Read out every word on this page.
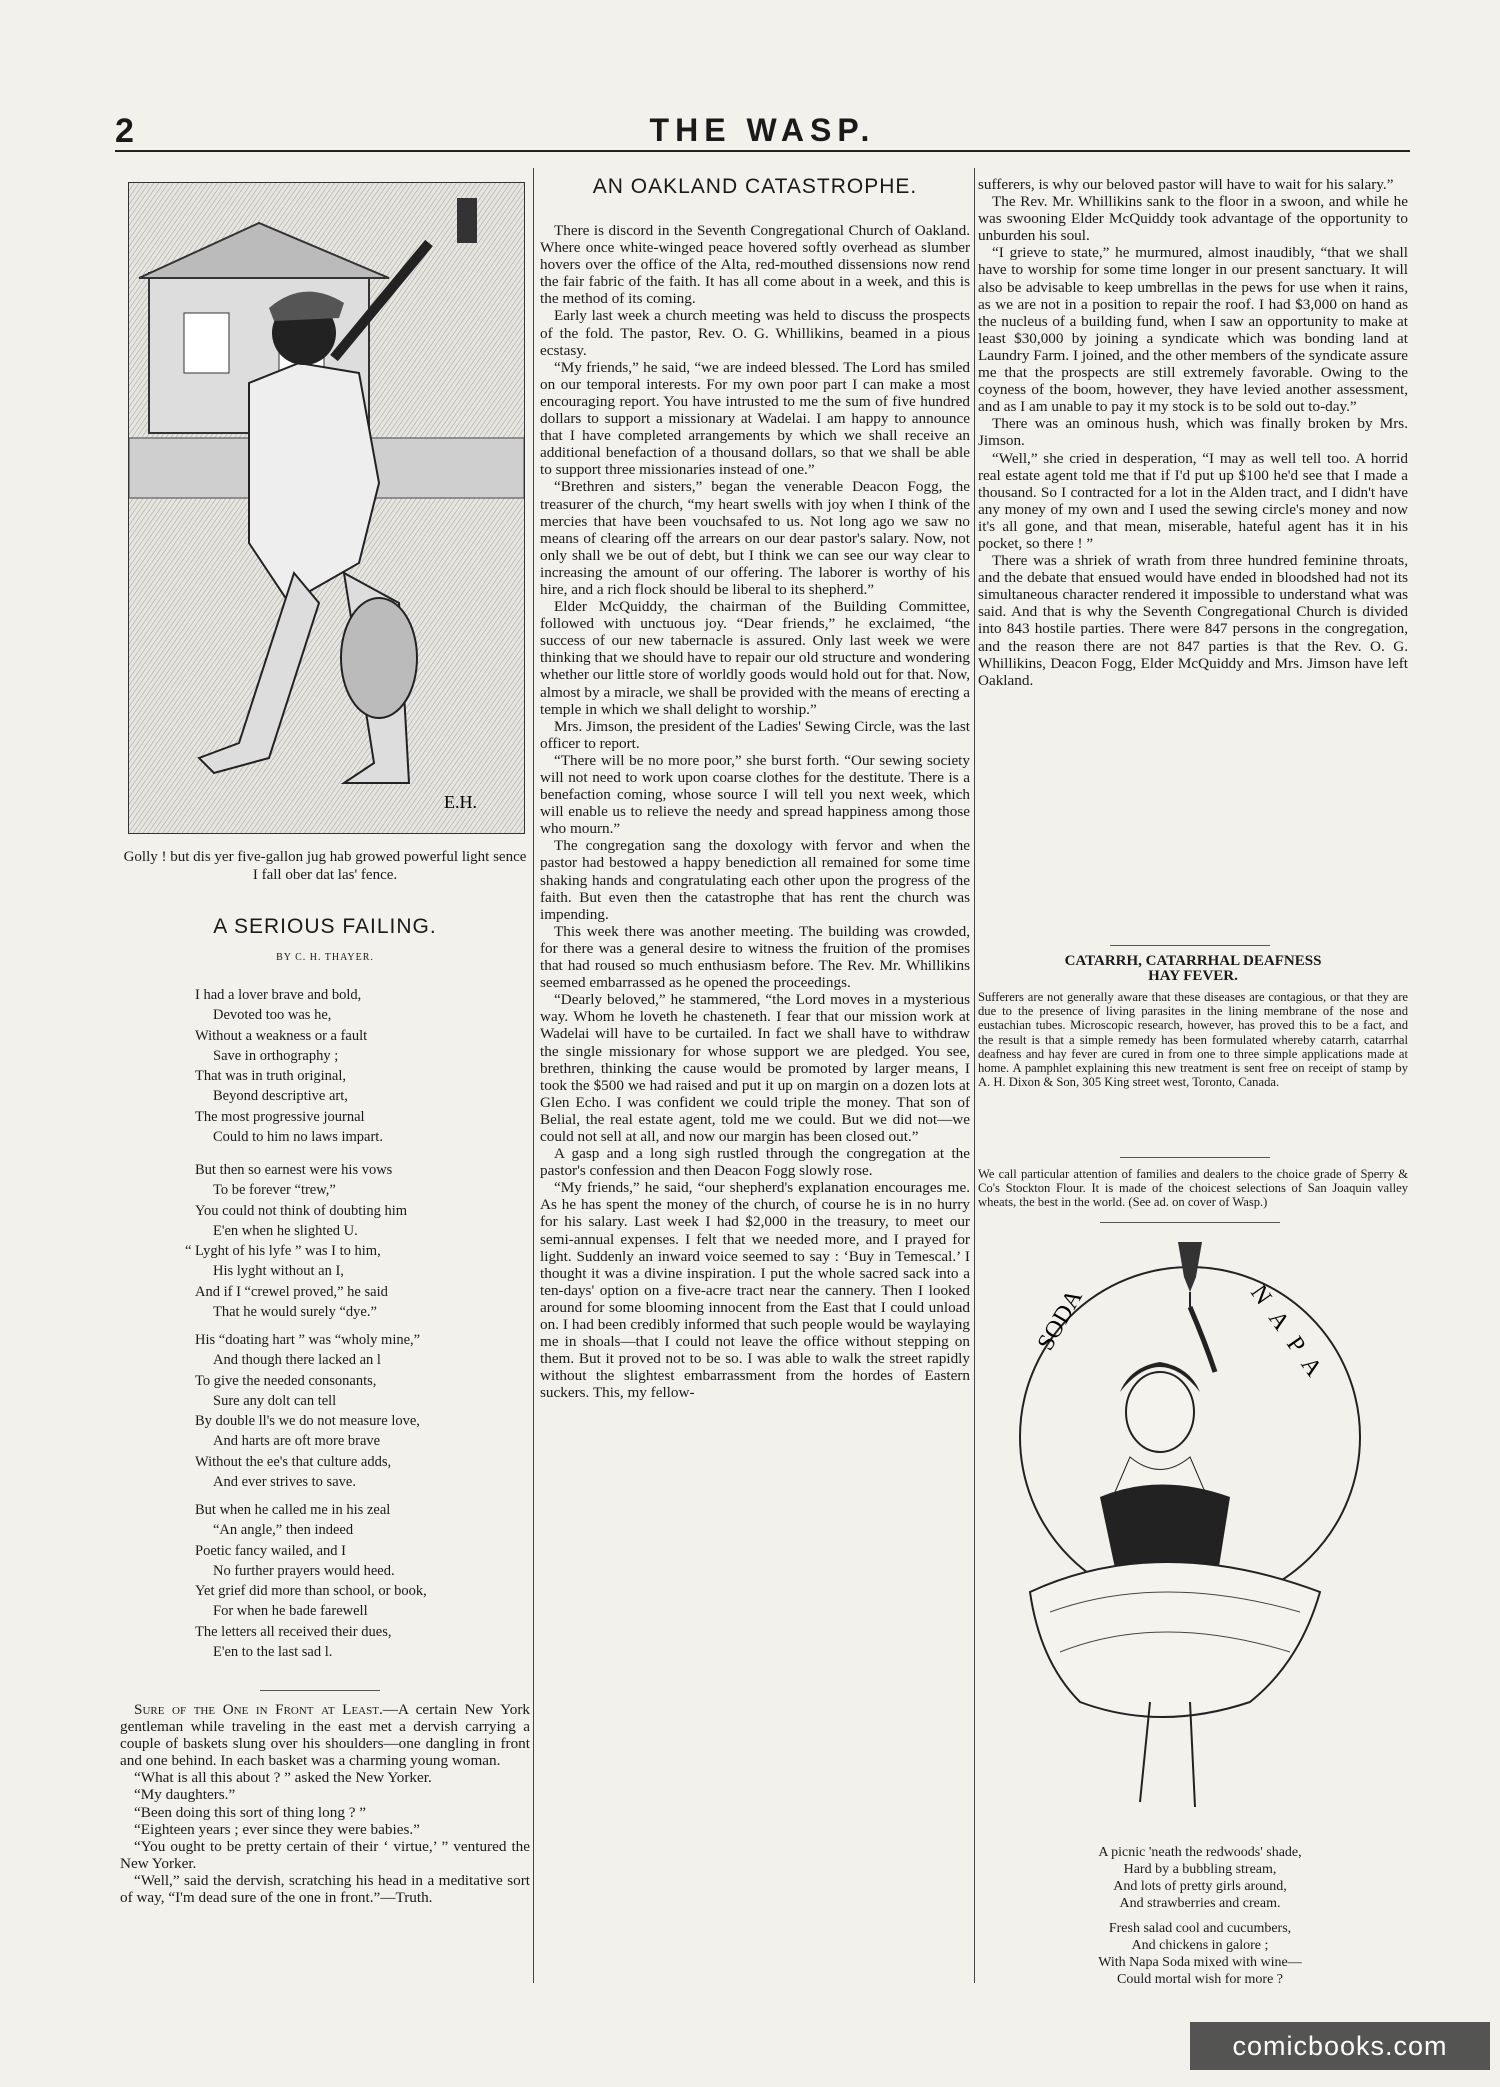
2	THE WASP.
E.H.

Golly ! but dis yer five-gallon jug hab growed powerful light sence I fall ober dat las' fence.

A SERIOUS FAILING.
BY C. H. THAYER.
I had a lover brave and bold,
Devoted too was he,
Without a weakness or a fault
Save in orthography ;
That was in truth original,
Beyond descriptive art,
The most progressive journal
Could to him no laws impart.
But then so earnest were his vows
To be forever “trew,”
You could not think of doubting him
E'en when he slighted U.
“ Lyght of his lyfe ” was I to him,
His lyght without an I,
And if I “crewel proved,” he said
That he would surely “dye.”
His “doating hart ” was “wholy mine,”
And though there lacked an l
To give the needed consonants,
Sure any dolt can tell
By double ll's we do not measure love,
And harts are oft more brave
Without the ee's that culture adds,
And ever strives to save.
But when he called me in his zeal
“An angle,” then indeed
Poetic fancy wailed, and I
No further prayers would heed.
Yet grief did more than school, or book,
For when he bade farewell
The letters all received their dues,
E'en to the last sad l.

Sure of the One in Front at Least.—A certain New York gentleman while traveling in the east met a dervish carrying a couple of baskets slung over his shoulders—one dangling in front and one behind. In each basket was a charming young woman.

“What is all this about ? ” asked the New Yorker.

“My daughters.”

“Been doing this sort of thing long ? ”

“Eighteen years ; ever since they were babies.”

“You ought to be pretty certain of their ‘ virtue,’ ” ventured the New Yorker.

“Well,” said the dervish, scratching his head in a meditative sort of way, “I'm dead sure of the one in front.”—Truth.

AN OAKLAND CATASTROPHE.

There is discord in the Seventh Congregational Church of Oakland. Where once white-winged peace hovered softly overhead as slumber hovers over the office of the Alta, red-mouthed dissensions now rend the fair fabric of the faith. It has all come about in a week, and this is the method of its coming.

Early last week a church meeting was held to discuss the prospects of the fold. The pastor, Rev. O. G. Whillikins, beamed in a pious ecstasy.

“My friends,” he said, “we are indeed blessed. The Lord has smiled on our temporal interests. For my own poor part I can make a most encouraging report. You have intrusted to me the sum of five hundred dollars to support a missionary at Wadelai. I am happy to announce that I have completed arrangements by which we shall receive an additional benefaction of a thousand dollars, so that we shall be able to support three missionaries instead of one.”

“Brethren and sisters,” began the venerable Deacon Fogg, the treasurer of the church, “my heart swells with joy when I think of the mercies that have been vouchsafed to us. Not long ago we saw no means of clearing off the arrears on our dear pastor's salary. Now, not only shall we be out of debt, but I think we can see our way clear to increasing the amount of our offering. The laborer is worthy of his hire, and a rich flock should be liberal to its shepherd.”

Elder McQuiddy, the chairman of the Building Committee, followed with unctuous joy. “Dear friends,” he exclaimed, “the success of our new tabernacle is assured. Only last week we were thinking that we should have to repair our old structure and wondering whether our little store of worldly goods would hold out for that. Now, almost by a miracle, we shall be provided with the means of erecting a temple in which we shall delight to worship.”

Mrs. Jimson, the president of the Ladies' Sewing Circle, was the last officer to report.

“There will be no more poor,” she burst forth. “Our sewing society will not need to work upon coarse clothes for the destitute. There is a benefaction coming, whose source I will tell you next week, which will enable us to relieve the needy and spread happiness among those who mourn.”

The congregation sang the doxology with fervor and when the pastor had bestowed a happy benediction all remained for some time shaking hands and congratulating each other upon the progress of the faith. But even then the catastrophe that has rent the church was impending.

This week there was another meeting. The building was crowded, for there was a general desire to witness the fruition of the promises that had roused so much enthusiasm before. The Rev. Mr. Whillikins seemed embarrassed as he opened the proceedings.

“Dearly beloved,” he stammered, “the Lord moves in a mysterious way. Whom he loveth he chasteneth. I fear that our mission work at Wadelai will have to be curtailed. In fact we shall have to withdraw the single missionary for whose support we are pledged. You see, brethren, thinking the cause would be promoted by larger means, I took the $500 we had raised and put it up on margin on a dozen lots at Glen Echo. I was confident we could triple the money. That son of Belial, the real estate agent, told me we could. But we did not—we could not sell at all, and now our margin has been closed out.”

A gasp and a long sigh rustled through the congregation at the pastor's confession and then Deacon Fogg slowly rose.

“My friends,” he said, “our shepherd's explanation encourages me. As he has spent the money of the church, of course he is in no hurry for his salary. Last week I had $2,000 in the treasury, to meet our semi-annual expenses. I felt that we needed more, and I prayed for light. Suddenly an inward voice seemed to say : ‘Buy in Temescal.’ I thought it was a divine inspiration. I put the whole sacred sack into a ten-days' option on a five-acre tract near the cannery. Then I looked around for some blooming innocent from the East that I could unload on. I had been credibly informed that such people would be waylaying me in shoals—that I could not leave the office without stepping on them. But it proved not to be so. I was able to walk the street rapidly without the slightest embarrassment from the hordes of Eastern suckers. This, my fellow-

sufferers, is why our beloved pastor will have to wait for his salary.”

The Rev. Mr. Whillikins sank to the floor in a swoon, and while he was swooning Elder McQuiddy took advantage of the opportunity to unburden his soul.

“I grieve to state,” he murmured, almost inaudibly, “that we shall have to worship for some time longer in our present sanctuary. It will also be advisable to keep umbrellas in the pews for use when it rains, as we are not in a position to repair the roof. I had $3,000 on hand as the nucleus of a building fund, when I saw an opportunity to make at least $30,000 by joining a syndicate which was bonding land at Laundry Farm. I joined, and the other members of the syndicate assure me that the prospects are still extremely favorable. Owing to the coyness of the boom, however, they have levied another assessment, and as I am unable to pay it my stock is to be sold out to-day.”

There was an ominous hush, which was finally broken by Mrs. Jimson.

“Well,” she cried in desperation, “I may as well tell too. A horrid real estate agent told me that if I'd put up $100 he'd see that I made a thousand. So I contracted for a lot in the Alden tract, and I didn't have any money of my own and I used the sewing circle's money and now it's all gone, and that mean, miserable, hateful agent has it in his pocket, so there ! ”

There was a shriek of wrath from three hundred feminine throats, and the debate that ensued would have ended in bloodshed had not its simultaneous character rendered it impossible to understand what was said. And that is why the Seventh Congregational Church is divided into 843 hostile parties. There were 847 persons in the congregation, and the reason there are not 847 parties is that the Rev. O. G. Whillikins, Deacon Fogg, Elder McQuiddy and Mrs. Jimson have left Oakland.

CATARRH, CATARRHAL DEAFNESS
HAY FEVER.
Sufferers are not generally aware that these diseases are contagious, or that they are due to the presence of living parasites in the lining membrane of the nose and eustachian tubes. Microscopic research, however, has proved this to be a fact, and the result is that a simple remedy has been formulated whereby catarrh, catarrhal deafness and hay fever are cured in from one to three simple applications made at home. A pamphlet explaining this new treatment is sent free on receipt of stamp by A. H. Dixon & Son, 305 King street west, Toronto, Canada.
We call particular attention of families and dealers to the choice grade of Sperry & Co's Stockton Flour. It is made of the choicest selections of San Joaquin valley wheats, the best in the world. (See ad. on cover of Wasp.)
SODA	NAPA
A picnic 'neath the redwoods' shade,
Hard by a bubbling stream,
And lots of pretty girls around,
And strawberries and cream.
Fresh salad cool and cucumbers,
And chickens in galore ;
With Napa Soda mixed with wine—
Could mortal wish for more ?
comicbooks.com
